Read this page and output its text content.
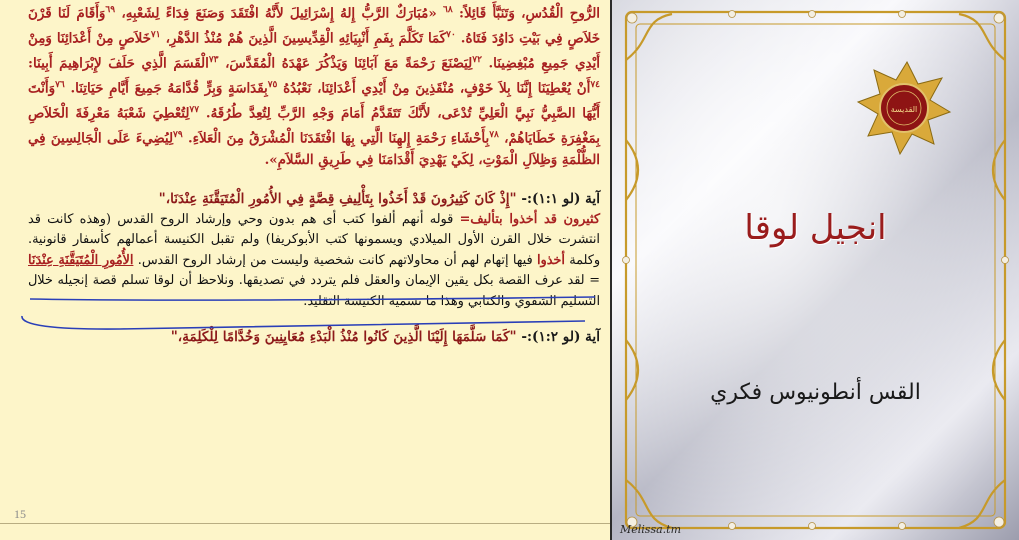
الرُّوحِ الْقُدُسِ، وَتَنَبَّأَ قَائِلاً: $^{٦٨}$ «مُبَارَكٌ الرَّبُّ إِلهُ إِسْرَائِيلَ لأَنَّهُ افْتَقَدَ وَصَنَعَ فِدَاءً لِشَعْبِهِ، $^{٦٩}$وَأَقَامَ لَنَا قَرْنَ خَلاَصٍ فِي بَيْتِ دَاوُدَ فَتَاهُ. $^{٧٠}$كَمَا تَكَلَّمَ بِفَمِ أَنْبِيَائِهِ الْقِدِّيسِينَ الَّذِينَ هُمْ مُنْذُ الدَّهْرِ، $^{٧١}$خَلاَصٍ مِنْ أَعْدَائِنَا وَمِنْ أَيْدِي جَمِيعِ مُبْغِضِينَا. $^{٧٢}$لِيَصْنَعَ رَحْمَةً مَعَ آبَائِنَا وَيَذْكُرَ عَهْدَهُ الْمُقَدَّسَ، $^{٧٣}$الْقَسَمَ الَّذِي حَلَفَ لإِبْرَاهِيمَ أَبِينَا: $^{٧٤}$أَنْ يُعْطِيَنَا إِنَّنَا بِلاَ خَوْفٍ، مُنْقَذِينَ مِنْ أَيْدِي أَعْدَائِنَا، نَعْبُدُهُ $^{٧٥}$بِقَدَاسَةٍ وَبِرٍّ قُدَّامَهُ جَمِيعَ أَيَّامِ حَيَاتِنَا. $^{٧٦}$وَأَنْتَ أَيُّهَا الصَّبِيُّ نَبِيَّ الْعَلِيِّ تُدْعَى، لأَنَّكَ تَتَقَدَّمُ أَمَامَ وَجْهِ الرَّبِّ لِتُعِدَّ طُرُقَهُ. $^{٧٧}$لِتُعْطِيَ شَعْبَهُ مَعْرِفَةَ الْخَلاَصِ بِمَغْفِرَةِ خَطَايَاهُمْ، $^{٧٨}$بِأَحْشَاءِ رَحْمَةِ إِلهِنَا الَّتِي بِهَا افْتَقَدَنَا الْمُشْرَقُ مِنَ الْعَلاَءِ. $^{٧٩}$لِيُضِيءَ عَلَى الْجَالِسِينَ فِي الظُّلْمَةِ وَظِلاَلِ الْمَوْتِ، لِكَيْ يَهْدِيَ أَقْدَامَنَا فِي طَرِيقِ السَّلاَمِ».

آية (لو ١:١):- "إِذْ كَانَ كَثِيرُونَ قَدْ أَخَذُوا بِتَأْلِيفِ قِصَّةٍ فِي الأُمُورِ الْمُتَيَقَّنَةِ عِنْدَنَا،"

كثيرون قد أخذوا بتأليف= قوله أنهم ألفوا كتب أى هم بدون وحي وإرشاد الروح القدس (وهذه كانت قد انتشرت خلال القرن الأول الميلادي ويسمونها كتب الأبوكريفا) ولم تقبل الكنيسة أعمالهم كأسفار قانونية. وكلمة أخذوا فيها إتهام لهم أن محاولاتهم كانت شخصية وليست من إرشاد الروح القدس. الأُمُورِ الْمُتَيَقَّنَةِ عِنْدَنَا = لقد عرف القصة بكل يقين الإيمان والعقل فلم يتردد في تصديقها. ونلاحظ أن لوقا تسلم قصة إنجيله خلال التسليم الشفوي والكتابي وهذا ما تسميه الكنيسة التقليد.

آية (لو ١:٢):- "كَمَا سَلَّمَهَا إِلَيْنَا الَّذِينَ كَانُوا مُنْذُ الْبَدْءِ مُعَايِنِينَ وَخُدَّامًا لِلْكَلِمَةِ،"
15
القديسة
انجيل لوقا
القس أنطونيوس فكري
Melissa.tm
